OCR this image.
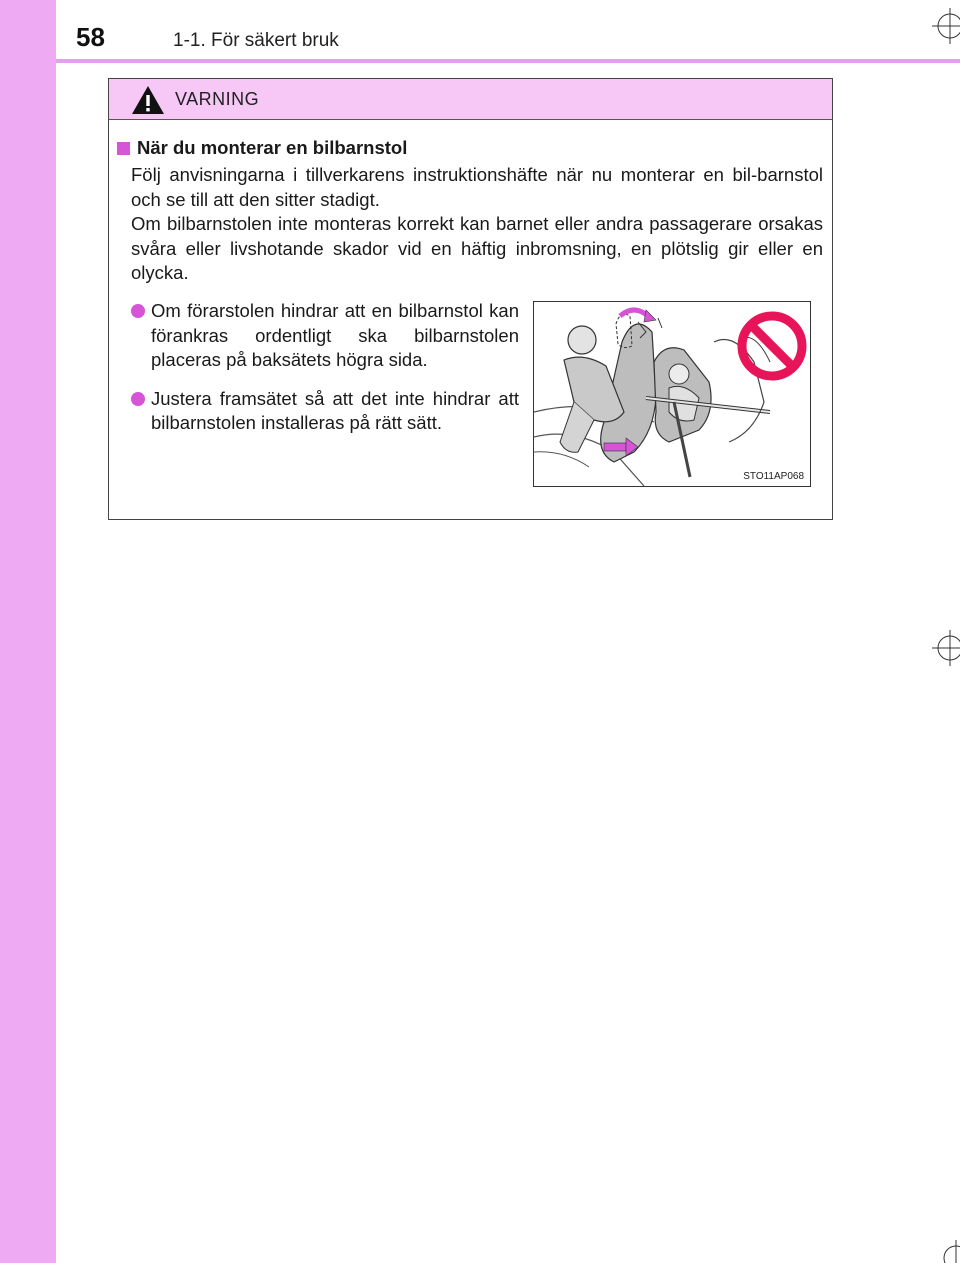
58	1-1. För säkert bruk
VARNING
När du monterar en bilbarnstol
Följ anvisningarna i tillverkarens instruktionshäfte när nu monterar en bil-barnstol och se till att den sitter stadigt.
Om bilbarnstolen inte monteras korrekt kan barnet eller andra passagerare orsakas svåra eller livshotande skador vid en häftig inbromsning, en plötslig gir eller en olycka.
Om förarstolen hindrar att en bilbarnstol kan förankras ordentligt ska bilbarnstolen placeras på baksätets högra sida.
Justera framsätet så att det inte hindrar att bilbarnstolen installeras på rätt sätt.
STO11AP068
